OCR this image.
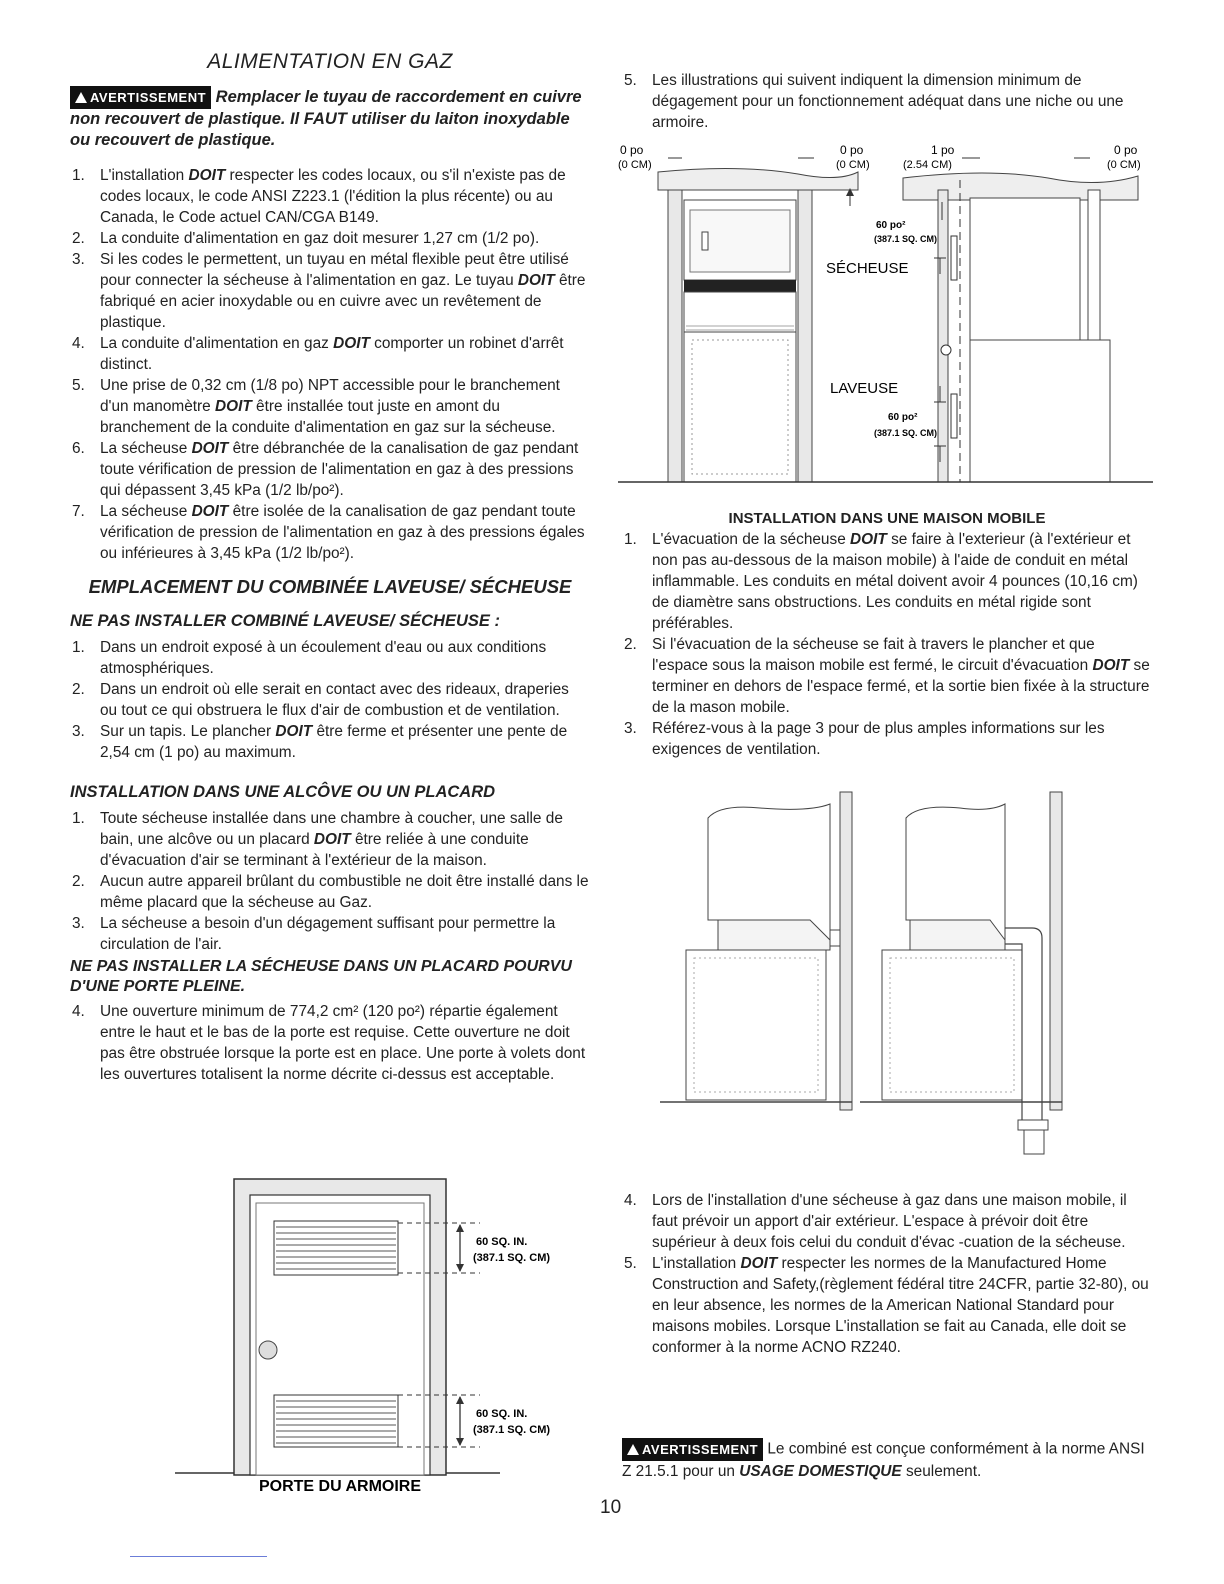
ALIMENTATION EN GAZ

AVERTISSEMENT Remplacer le tuyau de raccordement en cuivre non recouvert de plastique. Il FAUT utiliser du laiton inoxydable ou recouvert de plastique.

1. L'installation DOIT respecter les codes locaux, ou s'il n'existe pas de codes locaux, le code ANSI Z223.1 (l'édition la plus récente) ou au Canada, le Code actuel CAN/CGA B149.
2. La conduite d'alimentation en gaz doit mesurer 1,27 cm (1/2 po).
3. Si les codes le permettent, un tuyau en métal flexible peut être utilisé pour connecter la sécheuse à l'alimentation en gaz. Le tuyau DOIT être fabriqué en acier inoxydable ou en cuivre avec un revêtement de plastique.
4. La conduite d'alimentation en gaz DOIT comporter un robinet d'arrêt distinct.
5. Une prise de 0,32 cm (1/8 po) NPT accessible pour le branchement d'un manomètre DOIT être installée tout juste en amont du branchement de la conduite d'alimentation en gaz sur la sécheuse.
6. La sécheuse DOIT être débranchée de la canalisation de gaz pendant toute vérification de pression de l'alimentation en gaz à des pressions qui dépassent 3,45 kPa (1/2 lb/po²).
7. La sécheuse DOIT être isolée de la canalisation de gaz pendant toute vérification de pression de l'alimentation en gaz à des pressions égales ou inférieures à 3,45 kPa (1/2 lb/po²).
EMPLACEMENT DU COMBINÉE LAVEUSE/ SÉCHEUSE
NE PAS INSTALLER COMBINÉ LAVEUSE/ SÉCHEUSE :
1. Dans un endroit exposé à un écoulement d'eau ou aux conditions atmosphériques.
2. Dans un endroit où elle serait en contact avec des rideaux, draperies ou tout ce qui obstruera le flux d'air de combustion et de ventilation.
3. Sur un tapis. Le plancher DOIT être ferme et présenter une pente de 2,54 cm (1 po) au maximum.
INSTALLATION DANS UNE ALCÔVE OU UN PLACARD
1. Toute sécheuse installée dans une chambre à coucher, une salle de bain, une alcôve ou un placard DOIT être reliée à une conduite d'évacuation d'air se terminant à l'extérieur de la maison.
2. Aucun autre appareil brûlant du combustible ne doit être installé dans le même placard que la sécheuse au Gaz.
3. La sécheuse a besoin d'un dégagement suffisant pour permettre la circulation de l'air.
NE PAS INSTALLER LA SÉCHEUSE DANS UN PLACARD POURVU D'UNE PORTE PLEINE.
4. Une ouverture minimum de 774,2 cm² (120 po²) répartie également entre le haut et le bas de la porte est requise. Cette ouverture ne doit pas être obstruée lorsque la porte est en place. Une porte à volets dont les ouvertures totalisent la norme décrite ci-dessus est acceptable.
60 SQ. IN.
(387.1 SQ. CM)
60 SQ. IN.
(387.1 SQ. CM)
PORTE DU ARMOIRE
5. Les illustrations qui suivent indiquent la dimension minimum de dégagement pour un fonctionnement adéquat dans une niche ou une armoire.
0 po
(0 CM)
0 po
(0 CM)
1 po
(2.54 CM)
0 po
(0 CM)
60 po²
(387.1 SQ. CM)
SÉCHEUSE
LAVEUSE
60 po²
(387.1 SQ. CM)
INSTALLATION DANS UNE MAISON MOBILE
1. L'évacuation de la sécheuse DOIT se faire à l'exterieur (à l'extérieur et non pas au-dessous de la maison mobile) à l'aide de conduit en métal inflammable. Les conduits en métal doivent avoir 4 pounces (10,16 cm) de diamètre sans obstructions. Les conduits en métal rigide sont préférables.
2. Si l'évacuation de la sécheuse se fait à travers le plancher et que l'espace sous la maison mobile est fermé, le circuit d'évacuation DOIT se terminer en dehors de l'espace fermé, et la sortie bien fixée à la structure de la mason mobile.
3. Référez-vous à la page 3 pour de plus amples informations sur les exigences de ventilation.
4. Lors de l'installation d'une sécheuse à gaz dans une maison mobile, il faut prévoir un apport d'air extérieur. L'espace à prévoir doit être supérieur à deux fois celui du conduit d'évac -cuation de la sécheuse.
5. L'installation DOIT respecter les normes de la Manufactured Home Construction and Safety,(règlement fédéral titre 24CFR, partie 32-80), ou en leur absence, les normes de la American National Standard pour maisons mobiles. Lorsque L'installation se fait au Canada, elle doit se conformer à la norme ACNO RZ240.
AVERTISSEMENT Le combiné est conçue conformément à la norme ANSI Z 21.5.1 pour un USAGE DOMESTIQUE seulement.
10
